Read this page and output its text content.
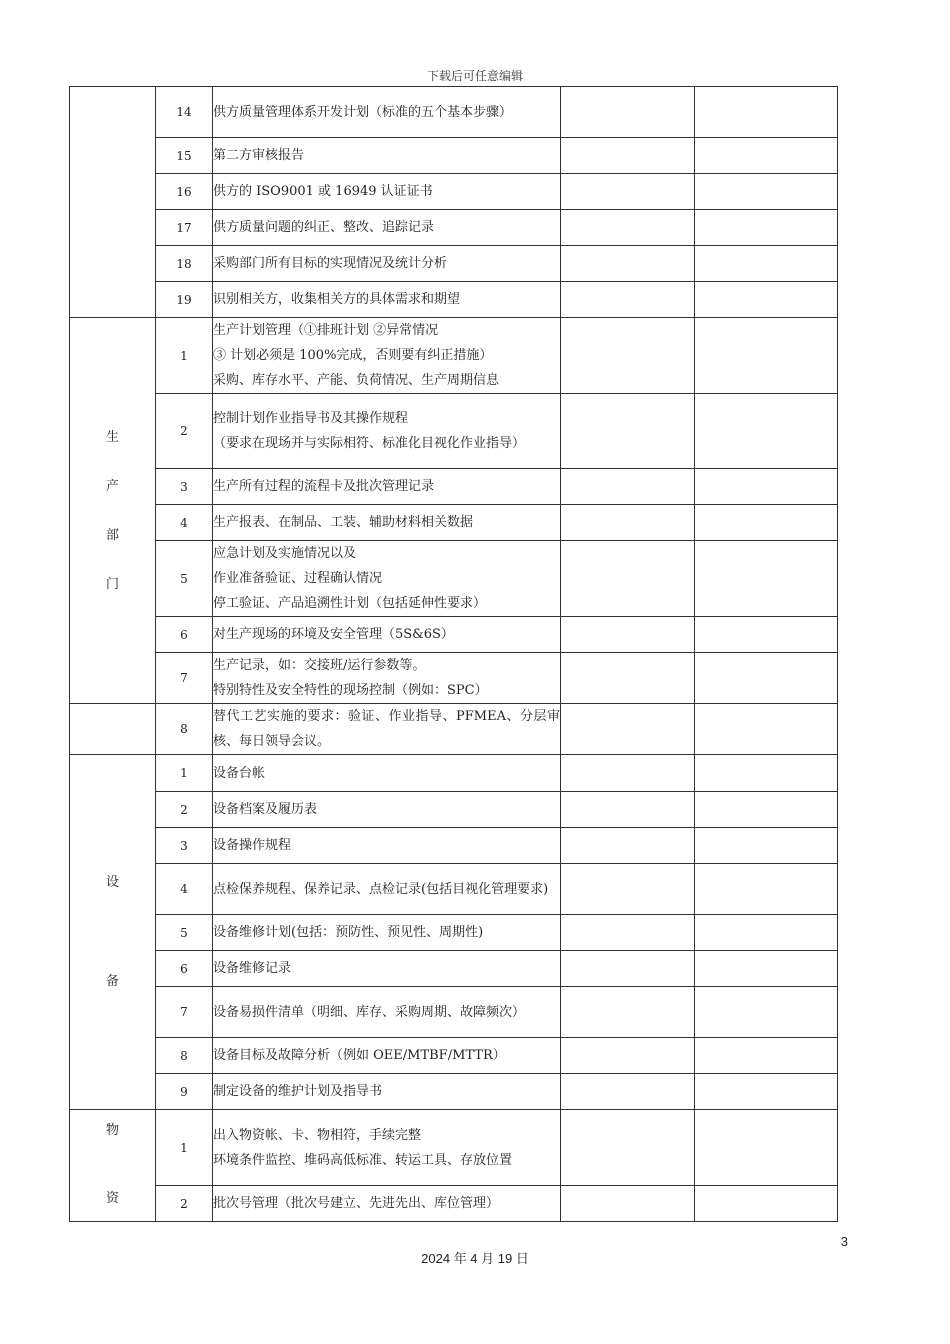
下载后可任意编辑
	14	供方质量管理体系开发计划（标准的五个基本步骤）		

	15	第二方审核报告		

	16	供方的 ISO9001 或 16949 认证证书		

	17	供方质量问题的纠正、整改、追踪记录		

	18	采购部门所有目标的实现情况及统计分析		

	19	识别相关方，收集相关方的具体需求和期望		

生
产
部
门	1	生产计划管理（①排班计划 ②异常情况
③ 计划必须是 100%完成，否则要有纠正措施）
采购、库存水平、产能、负荷情况、生产周期信息		

	2	控制计划作业指导书及其操作规程
（要求在现场并与实际相符、标准化目视化作业指导）		

	3	生产所有过程的流程卡及批次管理记录		

	4	生产报表、在制品、工装、辅助材料相关数据		

	5	应急计划及实施情况以及
作业准备验证、过程确认情况
停工验证、产品追溯性计划（包括延伸性要求）		

	6	对生产现场的环境及安全管理（5S&6S）		

	7	生产记录，如：交接班/运行参数等。
特别特性及安全特性的现场控制（例如：SPC）		

	8	替代工艺实施的要求：验证、作业指导、PFMEA、分层审核、每日领导会议。		

设
备	1	设备台帐		

	2	设备档案及履历表		

	3	设备操作规程		

	4	点检保养规程、保养记录、点检记录(包括目视化管理要求)		

	5	设备维修计划(包括：预防性、预见性、周期性)		

	6	设备维修记录		

	7	设备易损件清单（明细、库存、采购周期、故障频次）		

	8	设备目标及故障分析（例如 OEE/MTBF/MTTR）		

	9	制定设备的维护计划及指导书		

物
资	1	出入物资帐、卡、物相符，手续完整
环境条件监控、堆码高低标准、转运工具、存放位置		

	2	批次号管理（批次号建立、先进先出、库位管理）		

3
2024 年 4 月 19 日
